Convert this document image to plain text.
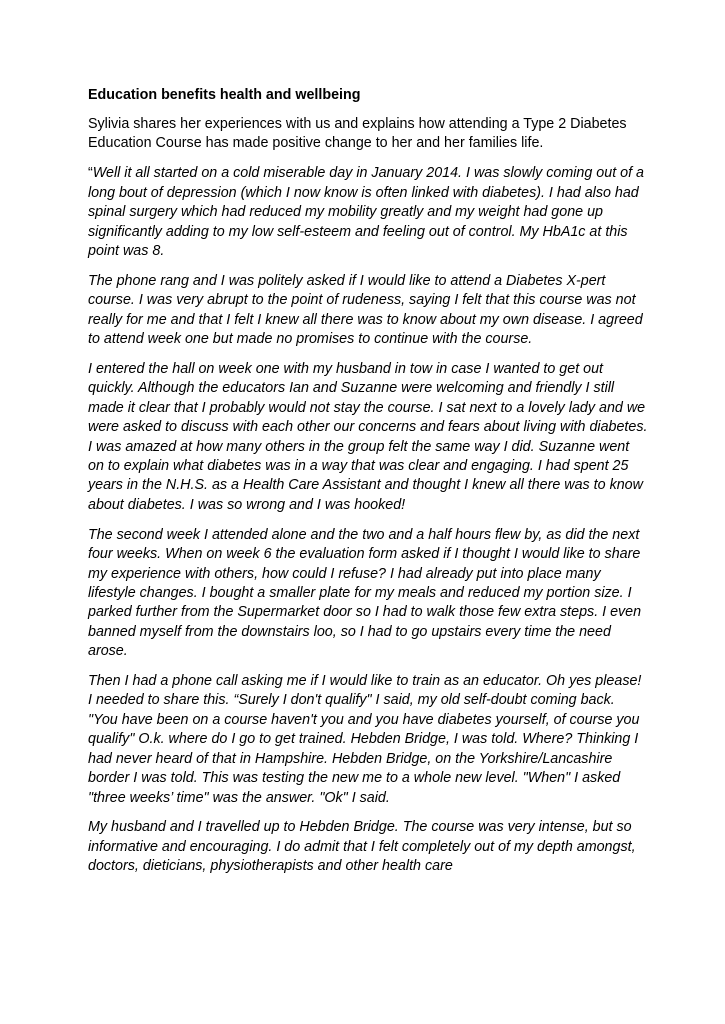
Education benefits health and wellbeing

Sylivia shares her experiences with us and explains how attending a Type 2 Diabetes Education Course has made positive change to her and her families life.

“Well it all started on a cold miserable day in January 2014. I was slowly coming out of a long bout of depression (which I now know is often linked with diabetes). I had also had spinal surgery which had reduced my mobility greatly and my weight had gone up significantly adding to my low self-esteem and feeling out of control. My HbA1c at this point was 8.

The phone rang and I was politely asked if I would like to attend a Diabetes X-pert course. I was very abrupt to the point of rudeness, saying I felt that this course was not really for me and that I felt I knew all there was to know about my own disease. I agreed to attend week one but made no promises to continue with the course.

I entered the hall on week one with my husband in tow in case I wanted to get out quickly. Although the educators Ian and Suzanne were welcoming and friendly I still made it clear that I probably would not stay the course. I sat next to a lovely lady and we were asked to discuss with each other our concerns and fears about living with diabetes. I was amazed at how many others in the group felt the same way I did. Suzanne went on to explain what diabetes was in a way that was clear and engaging. I had spent 25 years in the N.H.S. as a Health Care Assistant and thought I knew all there was to know about diabetes. I was so wrong and I was hooked!

The second week I attended alone and the two and a half hours flew by, as did the next four weeks. When on week 6 the evaluation form asked if I thought I would like to share my experience with others, how could I refuse? I had already put into place many lifestyle changes. I bought a smaller plate for my meals and reduced my portion size. I parked further from the Supermarket door so I had to walk those few extra steps. I even banned myself from the downstairs loo, so I had to go upstairs every time the need arose.

Then I had a phone call asking me if I would like to train as an educator. Oh yes please! I needed to share this. “Surely I don't qualify" I said, my old self-doubt coming back. "You have been on a course haven't you and you have diabetes yourself, of course you qualify" O.k. where do I go to get trained. Hebden Bridge, I was told. Where? Thinking I had never heard of that in Hampshire. Hebden Bridge, on the Yorkshire/Lancashire border I was told. This was testing the new me to a whole new level. "When" I asked "three weeks’ time" was the answer. "Ok" I said.

My husband and I travelled up to Hebden Bridge. The course was very intense, but so informative and encouraging. I do admit that I felt completely out of my depth amongst, doctors, dieticians, physiotherapists and other health care
